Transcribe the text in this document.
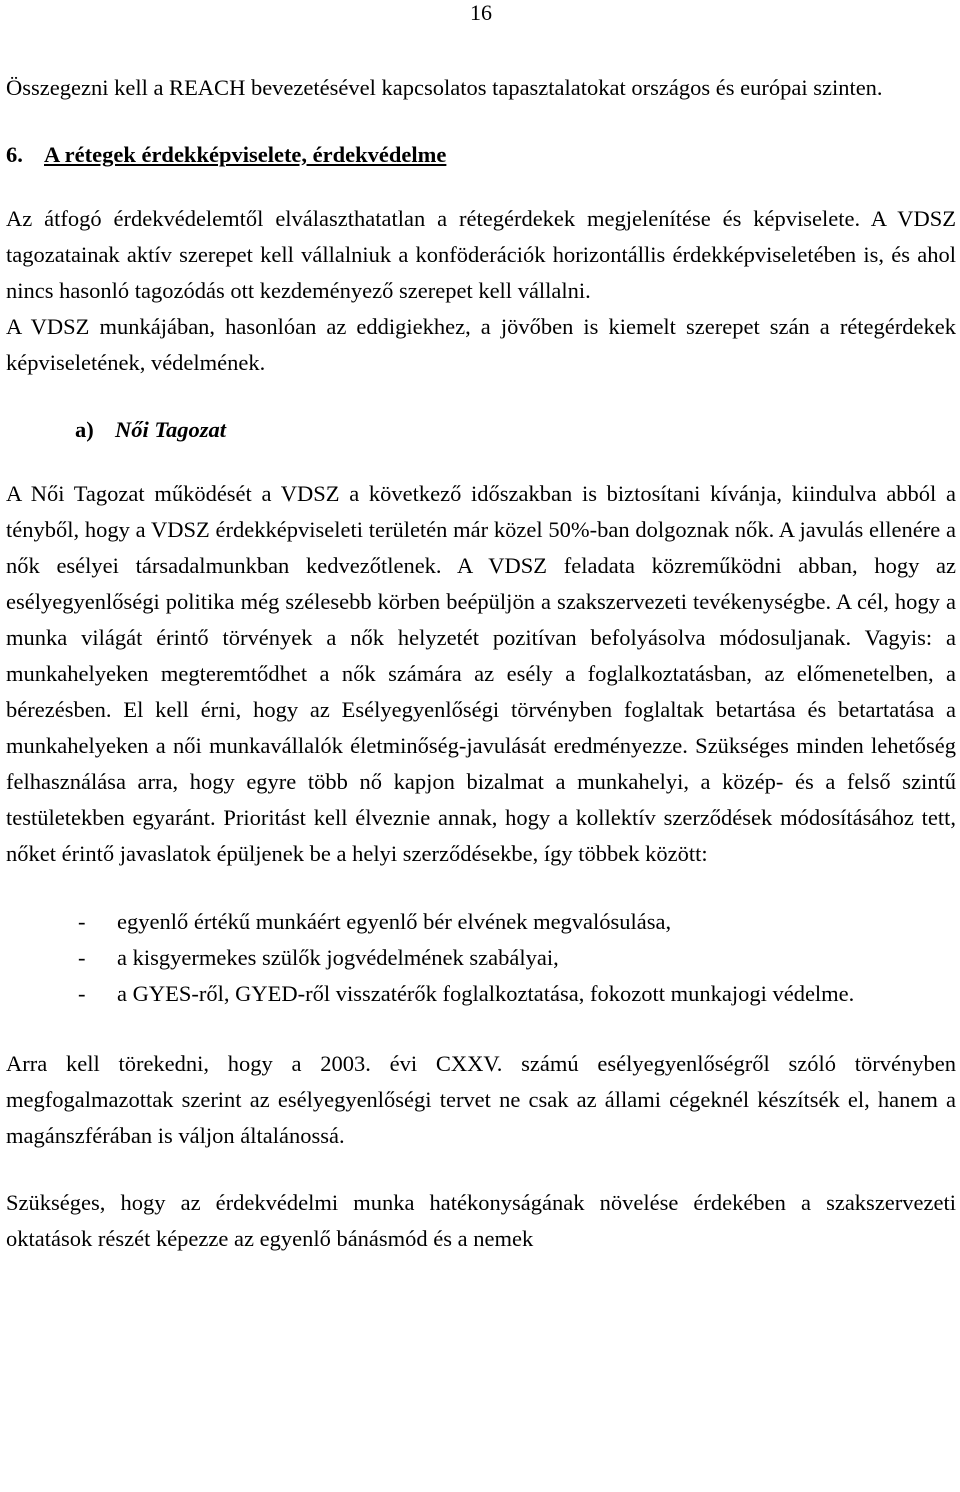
16

Összegezni kell a REACH bevezetésével kapcsolatos tapasztalatokat országos és európai szinten.

6. A rétegek érdekképviselete, érdekvédelme

Az átfogó érdekvédelemtől elválaszthatatlan a rétegérdekek megjelenítése és képviselete. A VDSZ tagozatainak aktív szerepet kell vállalniuk a konföderációk horizontállis érdekképviseletében is, és ahol nincs hasonló tagozódás ott kezdeményező szerepet kell vállalni.

A VDSZ munkájában, hasonlóan az eddigiekhez, a jövőben is kiemelt szerepet szán a rétegérdekek képviseletének, védelmének.

a) Női Tagozat

A Női Tagozat működését a VDSZ a következő időszakban is biztosítani kívánja, kiindulva abból a tényből, hogy a VDSZ érdekképviseleti területén már közel 50%-ban dolgoznak nők. A javulás ellenére a nők esélyei társadalmunkban kedvezőtlenek. A VDSZ feladata közreműködni abban, hogy az esélyegyenlőségi politika még szélesebb körben beépüljön a szakszervezeti tevékenységbe. A cél, hogy a munka világát érintő törvények a nők helyzetét pozitívan befolyásolva módosuljanak. Vagyis: a munkahelyeken megteremtődhet a nők számára az esély a foglalkoztatásban, az előmenetelben, a bérezésben. El kell érni, hogy az Esélyegyenlőségi törvényben foglaltak betartása és betartatása a munkahelyeken a női munkavállalók életminőség-javulását eredményezze. Szükséges minden lehetőség felhasználása arra, hogy egyre több nő kapjon bizalmat a munkahelyi, a közép- és a felső szintű testületekben egyaránt. Prioritást kell élveznie annak, hogy a kollektív szerződések módosításához tett, nőket érintő javaslatok épüljenek be a helyi szerződésekbe, így többek között:

- egyenlő értékű munkáért egyenlő bér elvének megvalósulása,
- a kisgyermekes szülők jogvédelmének szabályai,
- a GYES-ről, GYED-ről visszatérők foglalkoztatása, fokozott munkajogi védelme.

Arra kell törekedni, hogy a 2003. évi CXXV. számú esélyegyenlőségről szóló törvényben megfogalmazottak szerint az esélyegyenlőségi tervet ne csak az állami cégeknél készítsék el, hanem a magánszférában is váljon általánossá.

Szükséges, hogy az érdekvédelmi munka hatékonyságának növelése érdekében a szakszervezeti oktatások részét képezze az egyenlő bánásmód és a nemek
